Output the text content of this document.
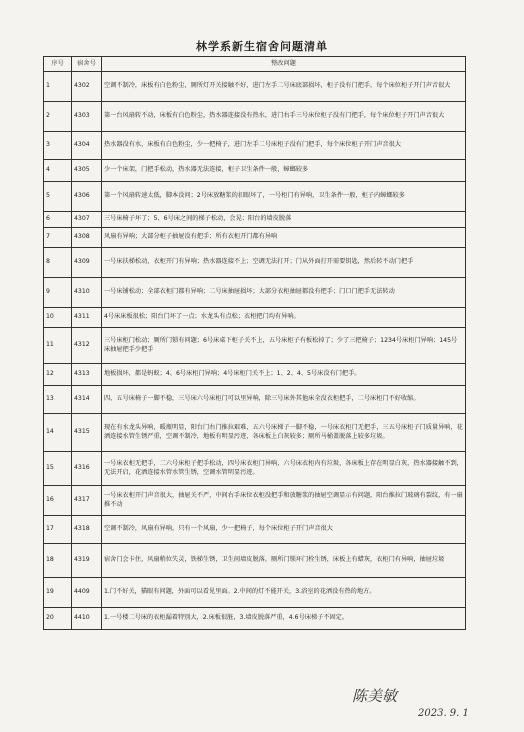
林学系新生宿舍问题清单
序号	宿舍号	整改问题
1	4302	空调不制冷，床板有白色粉尘，厕所灯开关接触不好，进门左手二号床底部损坏，柜子没有门把手，每个床位柜子开门声音很大
2	4303	第一台风扇转不动，床板有白色粉尘，热水器连接没有热水，进门右手三号床位柜子没有门把手，每个床位柜子开门声音很大
3	4304	热水器没有水，床板有白色粉尘，少一把椅子，进门左手二号床柜子没有门把手，每个床位柜子开门声音很大
4	4305	少一个床架，门把手松动，热水器无法连接，柜子卫生条件一般，蟑螂较多
5	4306	第一个风扇转速太低，脚本没问；2号床放糖浆的扣眼坏了，一号柜门有异响，卫生条件一般，柜子内蟑螂较多
6	4307	三号床椅子坏了；5、6号床之间的梯子松动，会晃；阳台的墙皮脱落
7	4308	风扇有异响；大部分柜子抽屉没有把手；所有衣柜开门都有异响
8	4309	一号床扶梯松动，衣柜开门有异响；热水器连接不上；空调无法打开；门从外面打开需要钥匙，然后转不动门把手
9	4310	一号床铺松动；全部衣柜门都有异响；二号床抽屉损坏；大部分衣柜抽屉都没有把手；门口门把手无法转动
10	4311	4号床床板很松；阳台门坏了一点；水龙头有点松；衣柜把门均有异响。
11	4312	三号床柜门松动；厕所门锁有问题；6号床桌下柜子关不上，五号床柜子有板松掉了；少了三把椅子；1234号床柜门异响；145号床抽屉把手少把手
12	4313	地板损坏，都是蚂蚁；4、6号床柜门异响；4号床柜门关不上；1、2、4、5号床没有门把手。
13	4314	四、五号床椅子一脚不稳，三号床六号床柜门可以里异响，除三号床外其他床全没衣柜把手，二号床柜门不好收缩。
14	4315	现在有水龙头异响，暖瓶明显，阳台门右门推拉艰难，五六号床梯子一脚不稳，一号床衣柜门无把手，三五号床柜子门质量异响，花洒连接水管生锈严重，空调不制冷，地板有明显污迹，各床板上白灰较多；厕所马桶盖脱落上较多垃圾。
15	4316	一号床衣柜无把手，二六号床柜子把手松动，四号床衣柜门异响，六号床衣柜内有垃圾，各床板上存在明显白灰，热水器接触不到，无法开启，花洒连接水管水管生锈，空调水管明显污迹。
16	4317	一号床衣柜开门声音很大，抽屉关不严，中间右手床位衣柜没把手和放糖浆的抽屉空调显示有问题，阳台推拉门玻璃有裂纹，有一扇推不动
17	4318	空调不制冷，风扇有异响，只有一个风扇，少一把椅子，每个床位柜子开门声音很大
18	4319	宿舍门会卡住，风扇稍位失灵，铁梯生锈，卫生间墙皮脱落，厕所门锁坏门栓生锈，床板上有蜡灰，衣柜门有异响，抽屉垃圾
19	4409	1.门不好关，猫眼有问题，外面可以看见里面。2.中间的灯不能开关，3.浴室的花洒没有热的地方。
20	4410	1.一号楼二号床的衣柜漏着特别大，2.床板很脏，3.墙皮脱落严重，4.6号床梯子不固定。
陈美敏
2023. 9. 1
